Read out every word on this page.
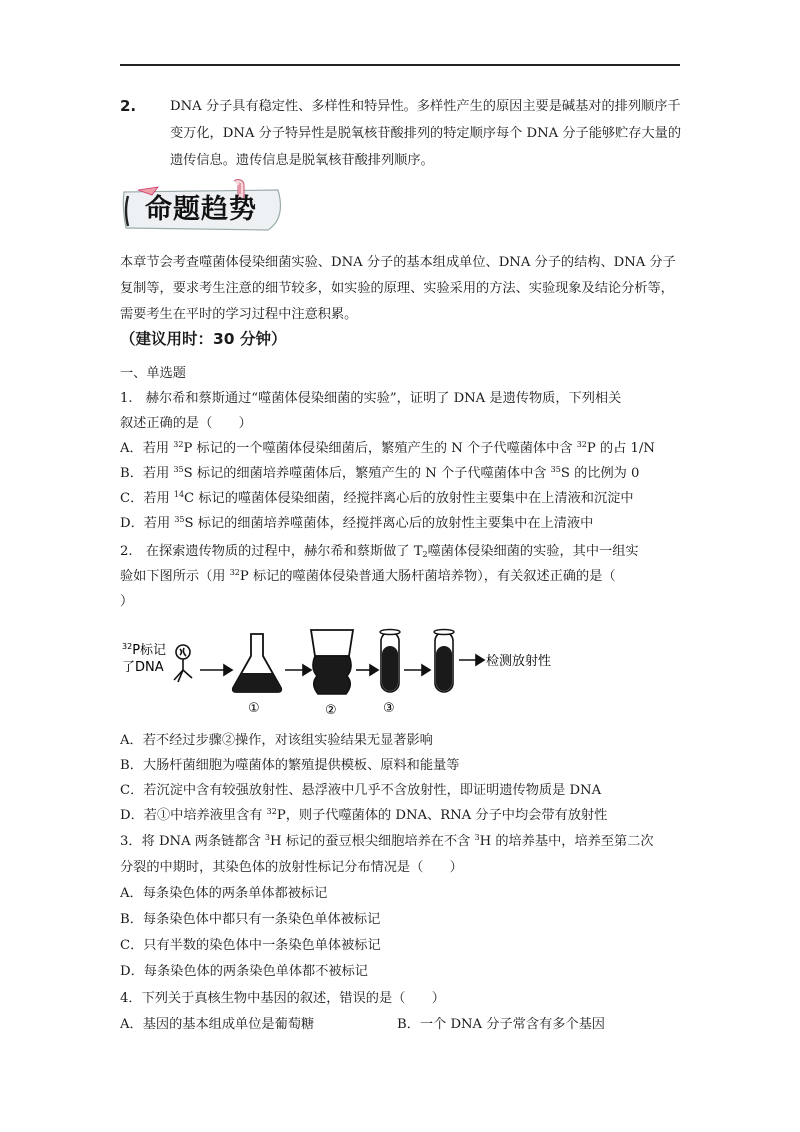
2.	DNA 分子具有稳定性、多样性和特异性。多样性产生的原因主要是碱基对的排列顺序千变万化，DNA 分子特异性是脱氧核苷酸排列的特定顺序每个 DNA 分子能够贮存大量的遗传信息。遗传信息是脱氧核苷酸排列顺序。
命题趋势
本章节会考查噬菌体侵染细菌实验、DNA 分子的基本组成单位、DNA 分子的结构、DNA 分子复制等，要求考生注意的细节较多，如实验的原理、实验采用的方法、实验现象及结论分析等，需要考生在平时的学习过程中注意积累。
（建议用时：30 分钟）
一、单选题
1.　赫尔希和蔡斯通过“噬菌体侵染细菌的实验”，证明了 DNA 是遗传物质，下列相关
叙述正确的是（　　）
A．若用 $^{32}$P 标记的一个噬菌体侵染细菌后，繁殖产生的 N 个子代噬菌体中含 $^{32}$P 的占 1/N
B．若用 $^{35}$S 标记的细菌培养噬菌体后，繁殖产生的 N 个子代噬菌体中含 $^{35}$S 的比例为 0
C．若用 $^{14}$C 标记的噬菌体侵染细菌，经搅拌离心后的放射性主要集中在上清液和沉淀中
D．若用 $^{35}$S 标记的细菌培养噬菌体，经搅拌离心后的放射性主要集中在上清液中
2.　在探索遗传物质的过程中，赫尔希和蔡斯做了 $T_2$噬菌体侵染细菌的实验，其中一组实
验如下图所示（用 $^{32}$P 标记的噬菌体侵染普通大肠杆菌培养物），有关叙述正确的是（
）
$^{32}$P标记
了DNA
①	②	③
检测放射性
A．若不经过步骤②操作，对该组实验结果无显著影响
B．大肠杆菌细胞为噬菌体的繁殖提供模板、原料和能量等
C．若沉淀中含有较强放射性、悬浮液中几乎不含放射性，即证明遗传物质是 DNA
D．若①中培养液里含有 $^{32}$P，则子代噬菌体的 DNA、RNA 分子中均会带有放射性
3．将 DNA 两条链都含 $^3$H 标记的蚕豆根尖细胞培养在不含 $^3$H 的培养基中，培养至第二次
分裂的中期时，其染色体的放射性标记分布情况是（　　）
A．每条染色体的两条单体都被标记
B．每条染色体中都只有一条染色单体被标记
C．只有半数的染色体中一条染色单体被标记
D．每条染色体的两条染色单体都不被标记
4．下列关于真核生物中基因的叙述，错误的是（　　）
A．基因的基本组成单位是葡萄糖	B．一个 DNA 分子常含有多个基因
